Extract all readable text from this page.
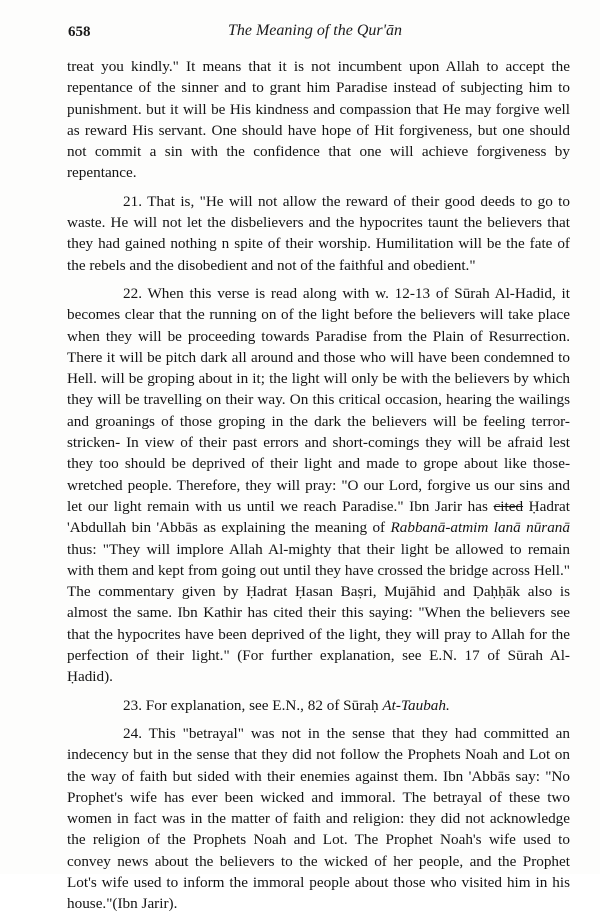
658	The Meaning of the Qur'ān
treat you kindly." It means that it is not incumbent upon Allah to accept the
repentance of the sinner and to grant him Paradise instead of subjecting him to
punishment. but it will be His kindness and compassion that He may forgive well
as reward His servant. One should have hope of Hit forgiveness, but one should
not commit a sin with the confidence that one will achieve forgiveness by
repentance.
21. That is, "He will not allow the reward of their good deeds to go to
waste. He will not let the disbelievers and the hypocrites taunt the believers that
they had gained nothing n spite of their worship. Humilitation will be the fate of
the rebels and the disobedient and not of the faithful and obedient."
22. When this verse is read along with w. 12-13 of Sūrah Al-Hadid, it
becomes clear that the running on of the light before the believers will take place
when they will be proceeding towards Paradise from the Plain of Resurrection.
There it will be pitch dark all around and those who will have been condemned to
Hell. will be groping about in it; the light will only be with the believers by which
they will be travelling on their way. On this critical occasion, hearing the wailings
and groanings of those groping in the dark the believers will be feeling terror-
stricken- In view of their past errors and short-comings they will be afraid lest
they too should be deprived of their light and made to grope about like those-
wretched people. Therefore, they will pray: "O our Lord, forgive us our sins and
let our light remain with us until we reach Paradise." Ibn Jarir has cited Ḥadrat
'Abdullah bin 'Abbās as explaining the meaning of Rabbanā-atmim lanā nūranā
thus: "They will implore Allah Al-mighty that their light be allowed to remain
with them and kept from going out until they have crossed the bridge across Hell."
The commentary given by Ḥadrat Ḥasan Baṣri, Mujāhid and Ḍaḥḥāk also is
almost the same. Ibn Kathir has cited their this saying: "When the believers see
that the hypocrites have been deprived of the light, they will pray to Allah for the
perfection of their light." (For further explanation, see E.N. 17 of Sūrah Al-
Ḥadid).
23. For explanation, see E.N., 82 of Sūraḥ At-Taubah.
24. This "betrayal" was not in the sense that they had committed an
indecency but in the sense that they did not follow the Prophets Noah and Lot on
the way of faith but sided with their enemies against them. Ibn 'Abbās say: "No
Prophet's wife has ever been wicked and immoral. The betrayal of these two
women in fact was in the matter of faith and religion: they did not acknowledge
the religion of the Prophets Noah and Lot. The Prophet Noah's wife used to
convey news about the believers to the wicked of her people, and the Prophet
Lot's wife used to inform the immoral people about those who visited him in his
house."(Ibn Jarir).
